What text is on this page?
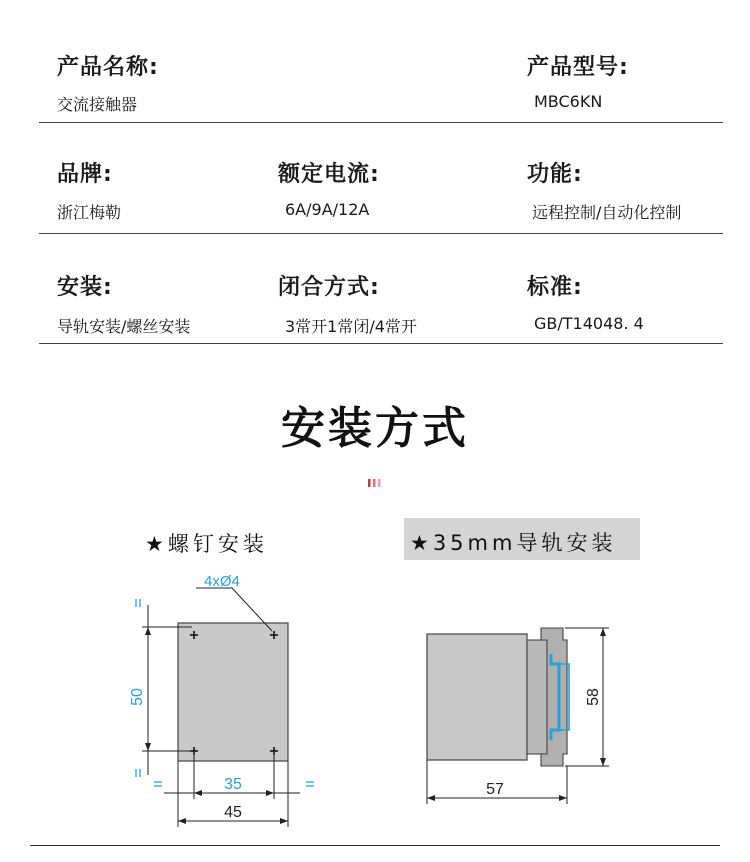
产品名称:	产品型号:
交流接触器	MBC6KN
品牌:	额定电流:	功能:
浙江梅勒	6A/9A/12A	远程控制/自动化控制
安装:	闭合方式:	标准:
导轨安装/螺丝安装	3常开1常闭/4常开	GB/T14048. 4
安装方式
★螺钉安装	★35mm导轨安装
4xØ4
50
35
45
58
57
